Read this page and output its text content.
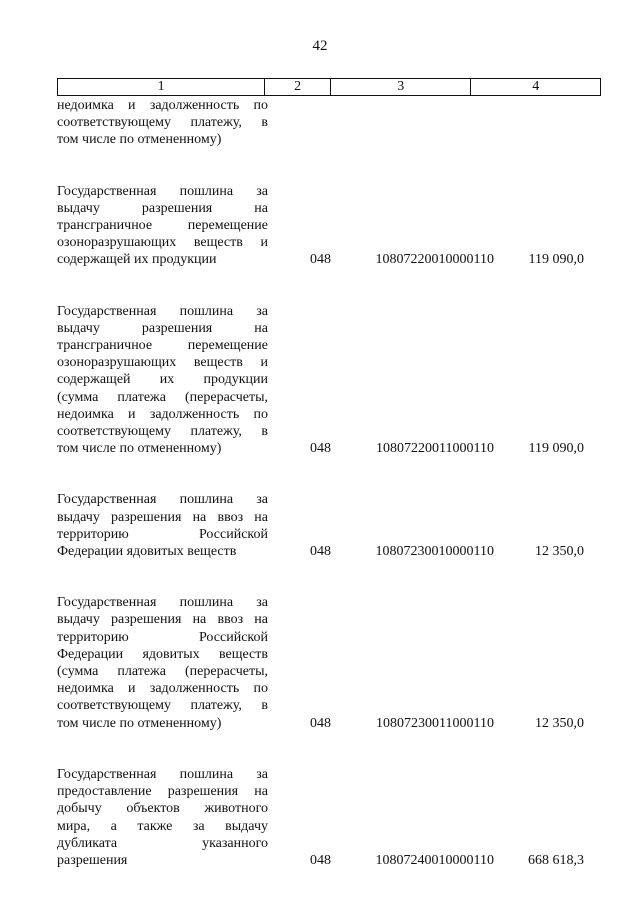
42
1	2	3	4
недоимка и задолженность по
соответствующему платежу, в
том числе по отмененному)
Государственная пошлина за
выдачу разрешения на
трансграничное перемещение
озоноразрушающих веществ и
содержащей их продукции	048	10807220010000110	119 090,0
Государственная пошлина за
выдачу разрешения на
трансграничное перемещение
озоноразрушающих веществ и
содержащей их продукции
(сумма платежа (перерасчеты,
недоимка и задолженность по
соответствующему платежу, в
том числе по отмененному)	048	10807220011000110	119 090,0
Государственная пошлина за
выдачу разрешения на ввоз на
территорию Российской
Федерации ядовитых веществ	048	10807230010000110	12 350,0
Государственная пошлина за
выдачу разрешения на ввоз на
территорию Российской
Федерации ядовитых веществ
(сумма платежа (перерасчеты,
недоимка и задолженность по
соответствующему платежу, в
том числе по отмененному)	048	10807230011000110	12 350,0
Государственная пошлина за
предоставление разрешения на
добычу объектов животного
мира, а также за выдачу
дубликата указанного
разрешения	048	10807240010000110	668 618,3
